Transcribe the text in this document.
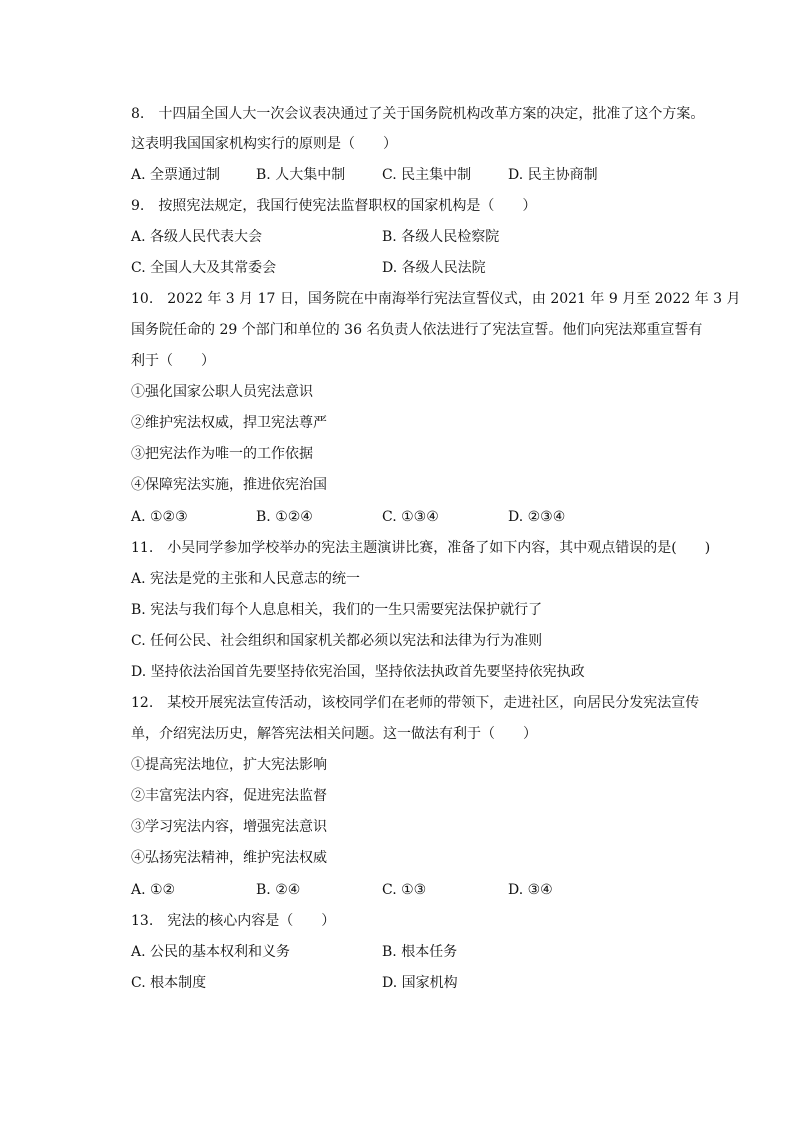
8.　十四届全国人大一次会议表决通过了关于国务院机构改革方案的决定，批准了这个方案。
这表明我国国家机构实行的原则是（　　）
A. 全票通过制	B. 人大集中制	C. 民主集中制	D. 民主协商制
9.　按照宪法规定，我国行使宪法监督职权的国家机构是（　　）
A. 各级人民代表大会	B. 各级人民检察院
C. 全国人大及其常委会	D. 各级人民法院
10.　2022 年 3 月 17 日，国务院在中南海举行宪法宣誓仪式，由 2021 年 9 月至 2022 年 3 月
国务院任命的 29 个部门和单位的 36 名负责人依法进行了宪法宣誓。他们向宪法郑重宣誓有
利于（　　）
①强化国家公职人员宪法意识
②维护宪法权威，捍卫宪法尊严
③把宪法作为唯一的工作依据
④保障宪法实施，推进依宪治国
A. ①②③	B. ①②④	C. ①③④	D. ②③④
11.　小吴同学参加学校举办的宪法主题演讲比赛，准备了如下内容，其中观点错误的是(　　)
A. 宪法是党的主张和人民意志的统一
B. 宪法与我们每个人息息相关，我们的一生只需要宪法保护就行了
C. 任何公民、社会组织和国家机关都必须以宪法和法律为行为准则
D. 坚持依法治国首先要坚持依宪治国，坚持依法执政首先要坚持依宪执政
12.　某校开展宪法宣传活动，该校同学们在老师的带领下，走进社区，向居民分发宪法宣传
单，介绍宪法历史，解答宪法相关问题。这一做法有利于（　　）
①提高宪法地位，扩大宪法影响
②丰富宪法内容，促进宪法监督
③学习宪法内容，增强宪法意识
④弘扬宪法精神，维护宪法权威
A. ①②	B. ②④	C. ①③	D. ③④
13.　宪法的核心内容是（　　）
A. 公民的基本权利和义务	B. 根本任务
C. 根本制度	D. 国家机构
